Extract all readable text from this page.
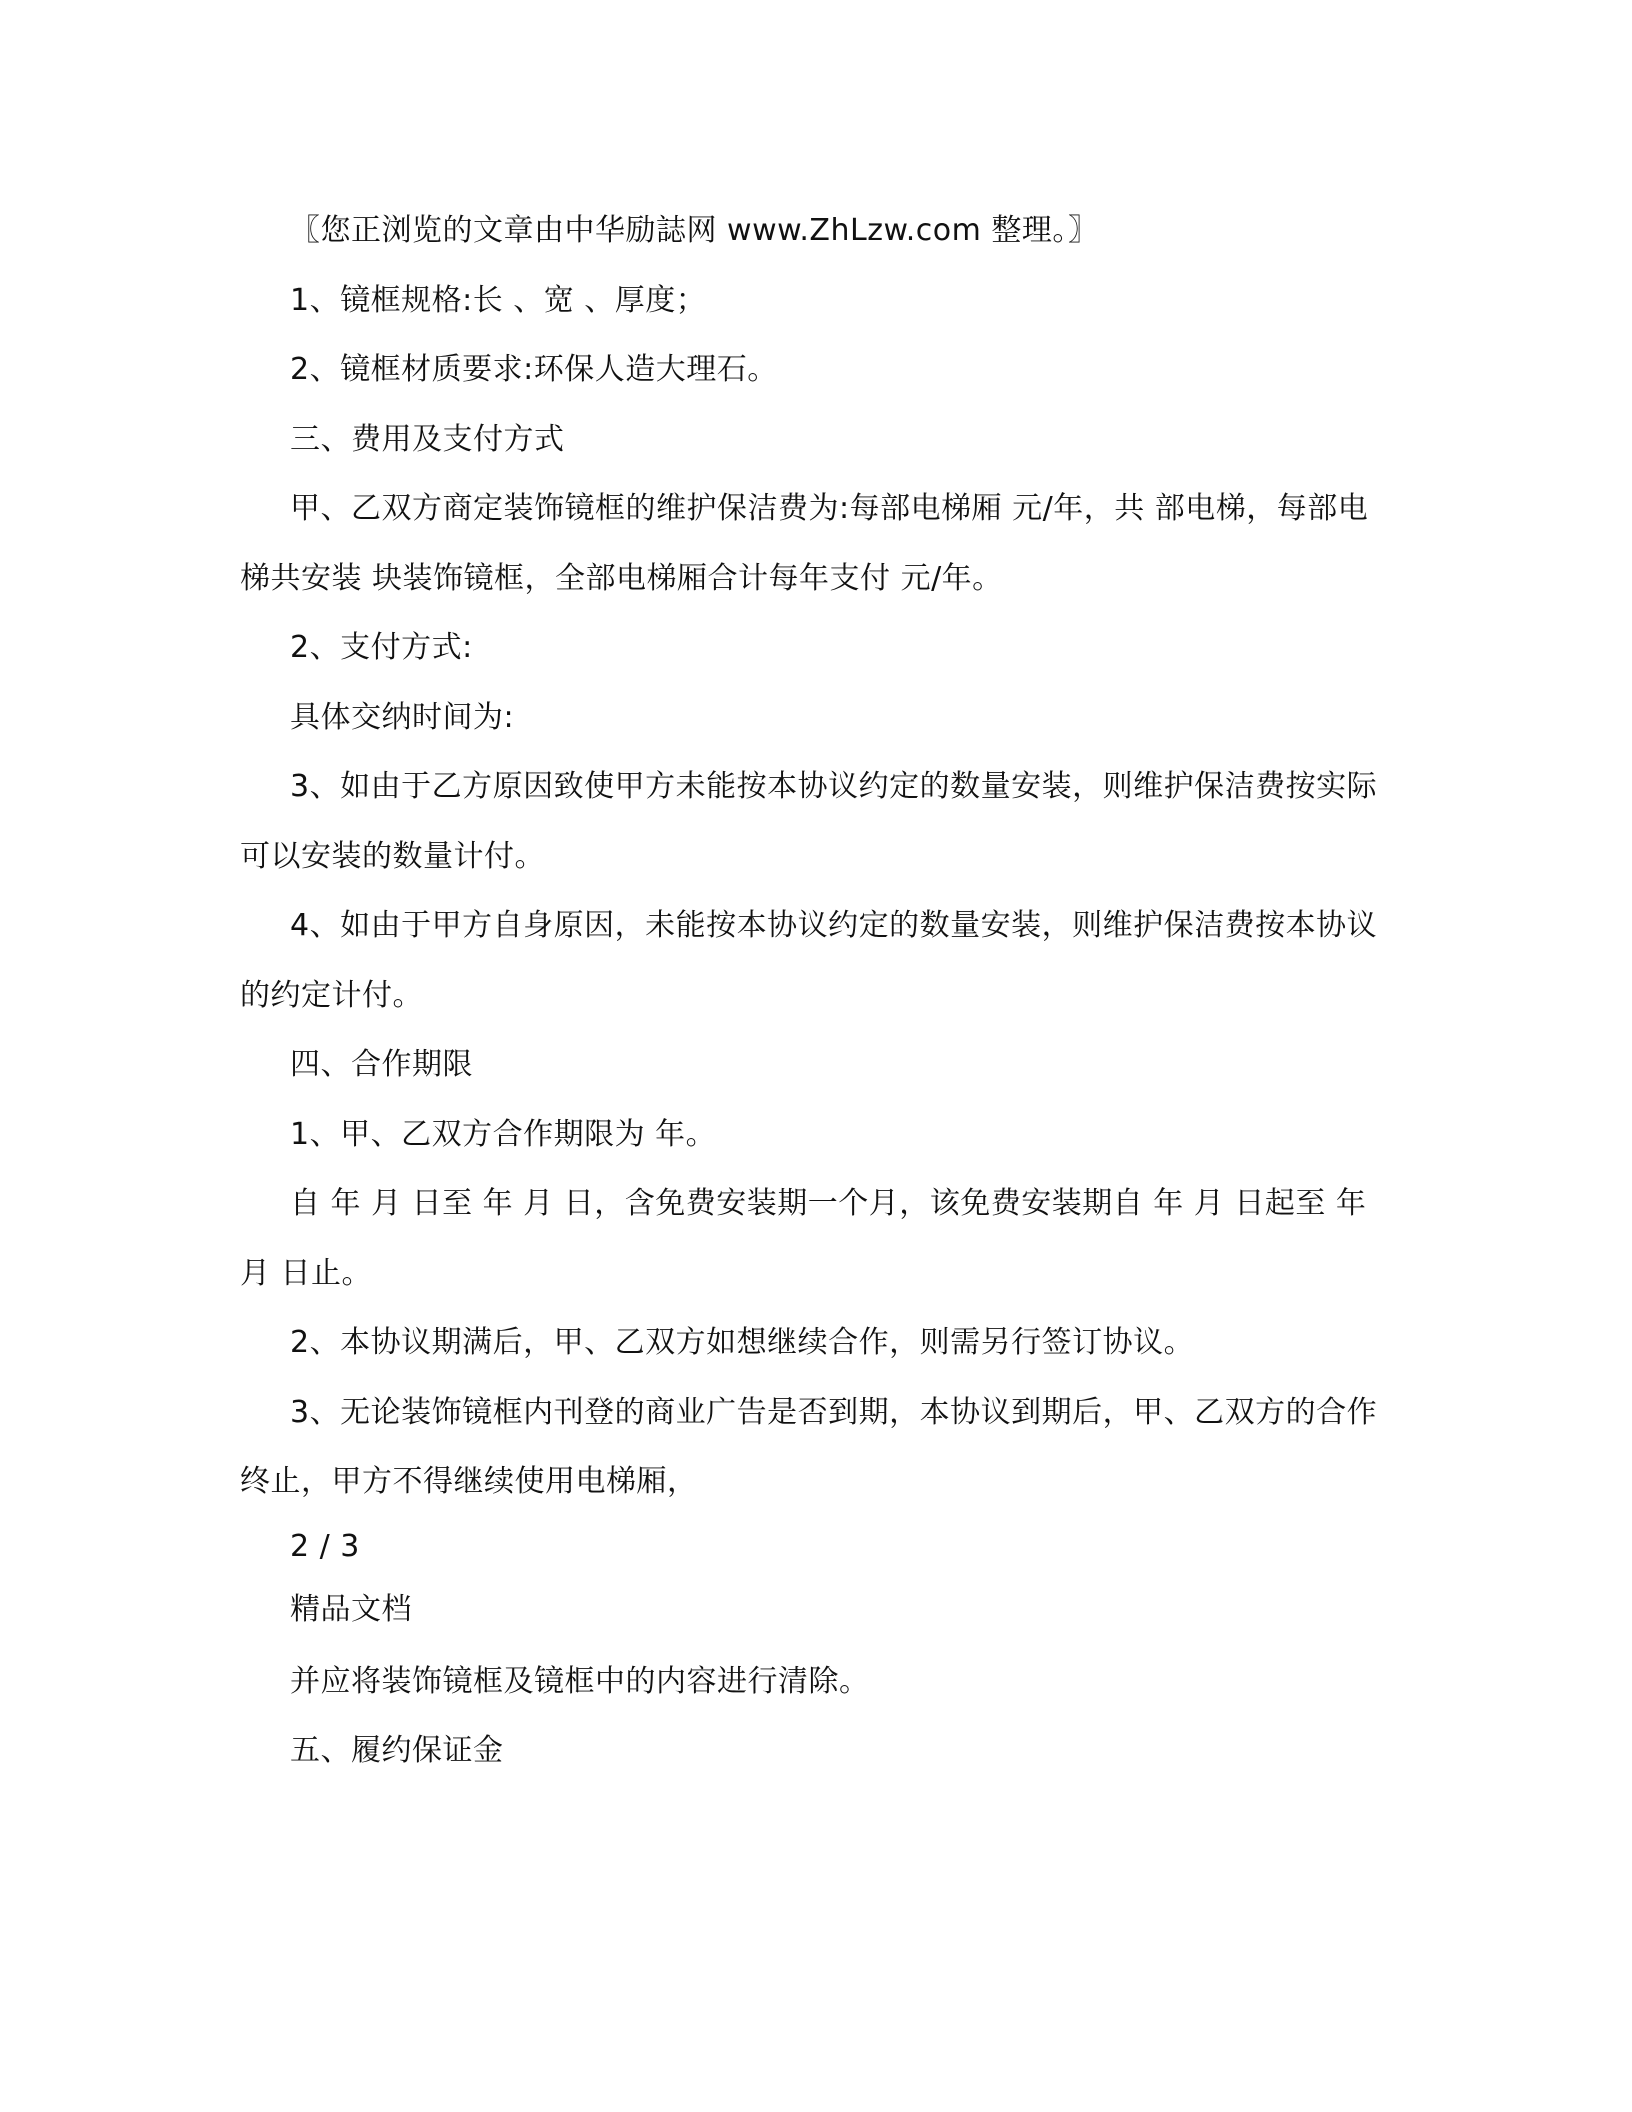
〖您正浏览的文章由中华励誌网 www.ZhLzw.com 整理。〗

1、镜框规格:长 、宽 、厚度；

2、镜框材质要求:环保人造大理石。

三、费用及支付方式

甲、乙双方商定装饰镜框的维护保洁费为:每部电梯厢 元/年，共 部电梯，每部电梯共安装 块装饰镜框，全部电梯厢合计每年支付 元/年。

2、支付方式:

具体交纳时间为:

3、如由于乙方原因致使甲方未能按本协议约定的数量安装，则维护保洁费按实际可以安装的数量计付。

4、如由于甲方自身原因，未能按本协议约定的数量安装，则维护保洁费按本协议的约定计付。

四、合作期限

1、甲、乙双方合作期限为 年。

自 年 月 日至 年 月 日，含免费安装期一个月，该免费安装期自 年 月 日起至 年月 日止。

2、本协议期满后，甲、乙双方如想继续合作，则需另行签订协议。

3、无论装饰镜框内刊登的商业广告是否到期，本协议到期后，甲、乙双方的合作终止，甲方不得继续使用电梯厢，

2 / 3

精品文档

并应将装饰镜框及镜框中的内容进行清除。

五、履约保证金
